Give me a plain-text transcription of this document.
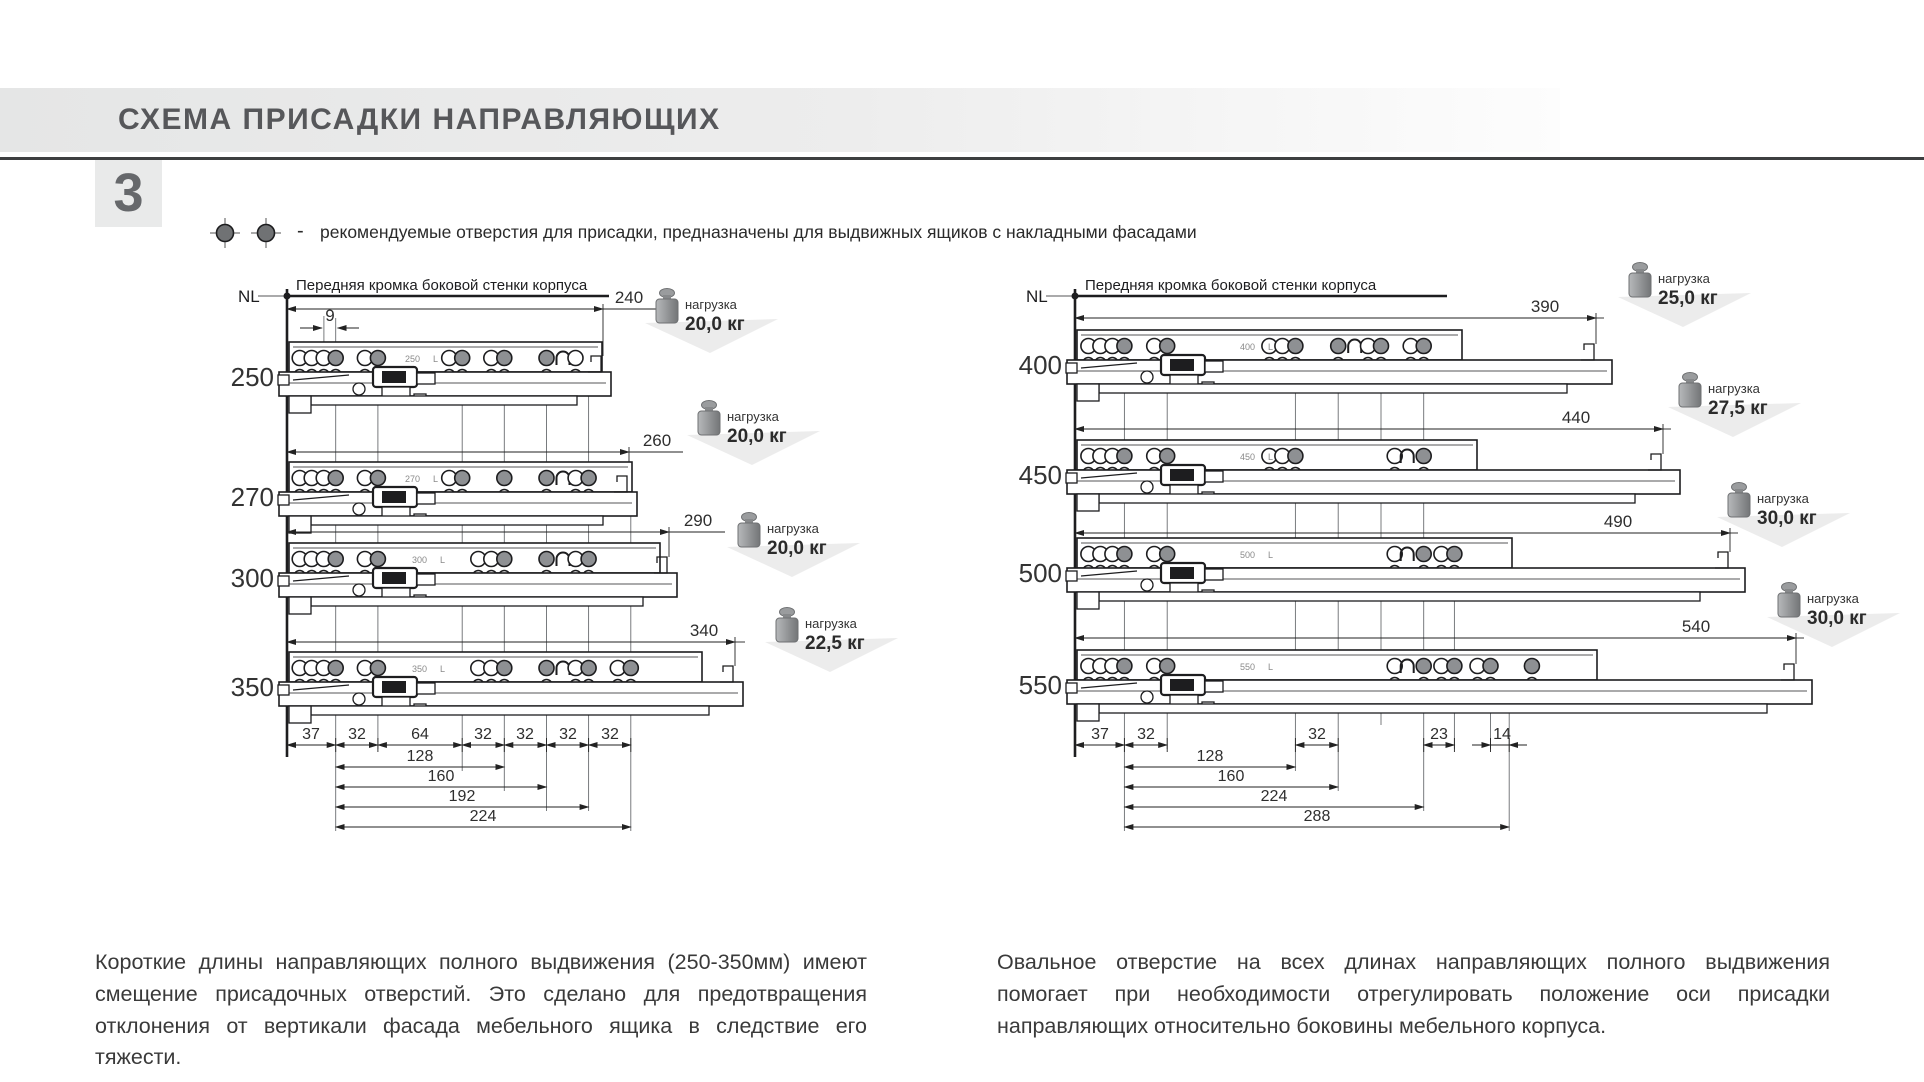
СХЕМА ПРИСАДКИ НАПРАВЛЯЮЩИХ
3
- рекомендуемые отверстия для присадки, предназначены для выдвижных ящиков с накладными фасадами
NL
Передняя кромка боковой стенки корпуса
9
240
250 L
250
260
270 L
270
290
300 L
300
340
350 L
350
нагрузка
20,0 кг
нагрузка
20,0 кг
нагрузка
20,0 кг
нагрузка
22,5 кг
37 32	64	32 32 32 32
128
160
192
224
NL
Передняя кромка боковой стенки корпуса
390
400 L
400
440
450 L
450
490
500 L
500
540
550 L
550
нагрузка
25,0 кг
нагрузка
27,5 кг
нагрузка
30,0 кг
нагрузка
30,0 кг
37 32	32	23	14
128
160
224
288
Короткие длины направляющих полного выдвижения (250-350мм) имеют смещение присадочных отверстий. Это сделано для предотвращения отклонения от вертикали фасада мебельного ящика в следствие его тяжести.
Овальное отверстие на всех длинах направляющих полного выдвижения помогает при необходимости отрегулировать положение оси присадки направляющих относительно боковины мебельного корпуса.
